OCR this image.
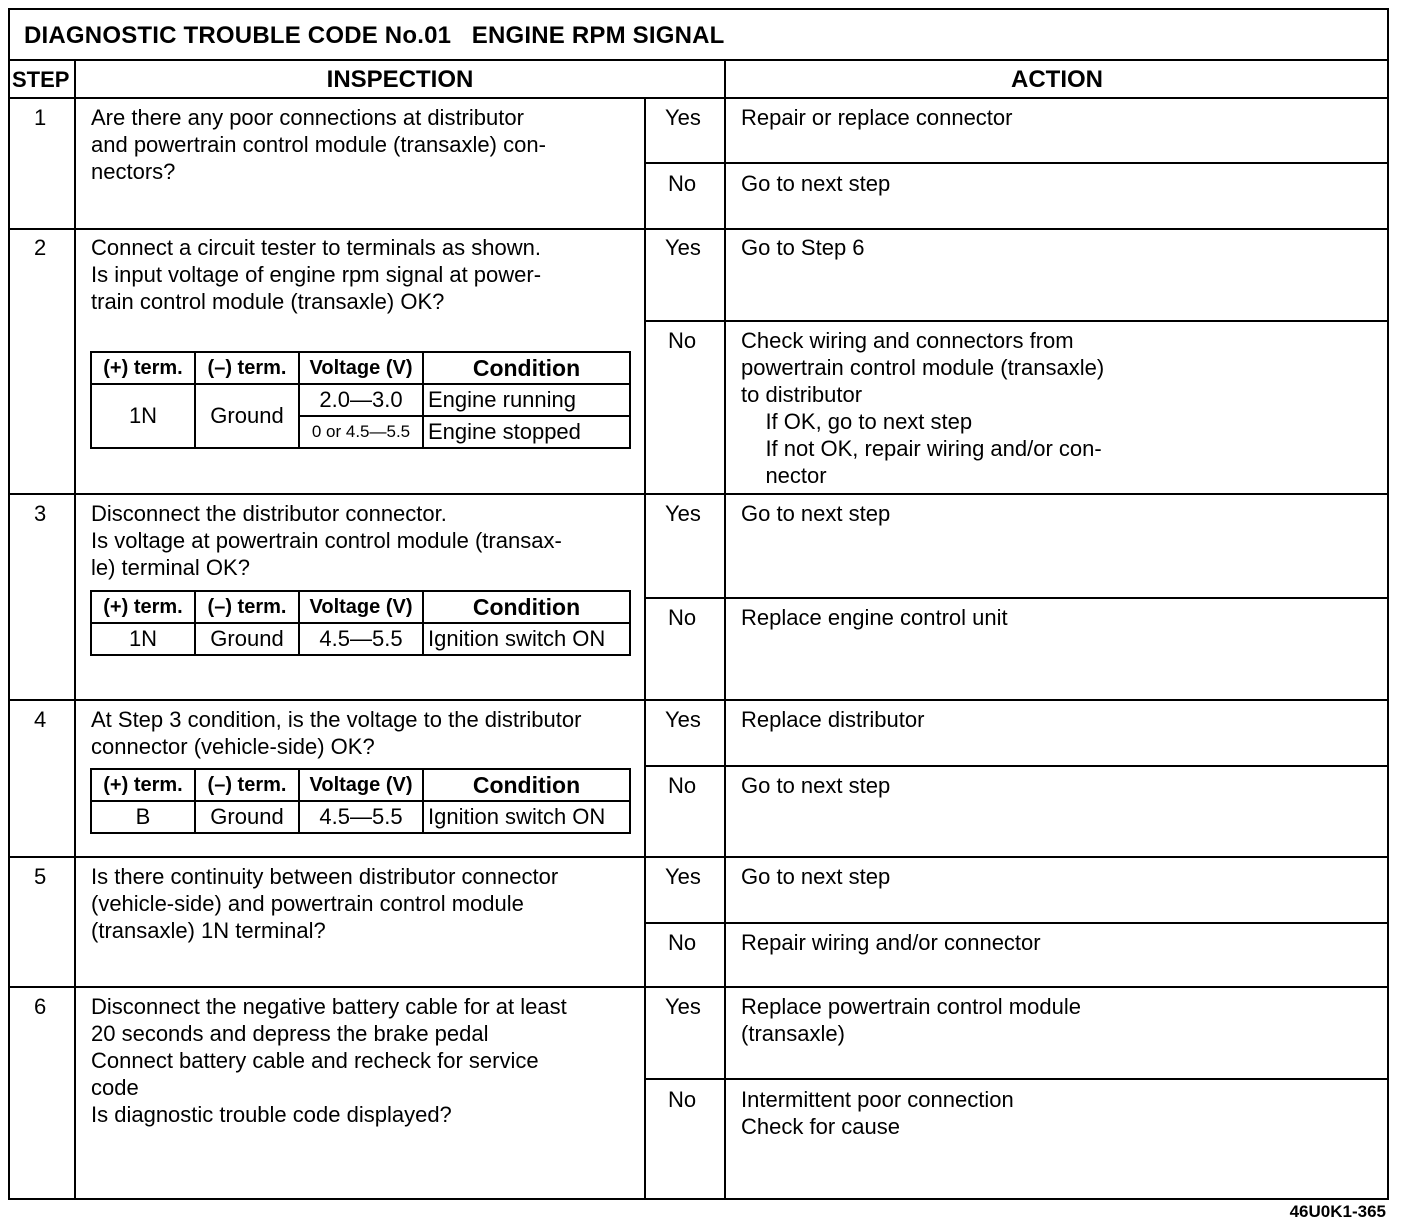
DIAGNOSTIC TROUBLE CODE No.01   ENGINE RPM SIGNAL
STEP	INSPECTION	ACTION
1 Are there any poor connections at distributor
and powertrain control module (transaxle) con-
nectors?
Yes Repair or replace connector
No Go to next step
2 Connect a circuit tester to terminals as shown.
Is input voltage of engine rpm signal at power-
train control module (transaxle) OK?
(+) term.	(–) term.	Voltage (V)	Condition
1N	Ground	2.0—3.0	Engine running
		0 or 4.5—5.5	Engine stopped
Yes Go to Step 6
No Check wiring and connectors from
powertrain control module (transaxle)
to distributor
If OK, go to next step
If not OK, repair wiring and/or con-
nector
3 Disconnect the distributor connector.
Is voltage at powertrain control module (transax-
le) terminal OK?
(+) term.	(–) term.	Voltage (V)	Condition
1N	Ground	4.5—5.5	Ignition switch ON
Yes Go to next step
No Replace engine control unit
4 At Step 3 condition, is the voltage to the distributor
connector (vehicle-side) OK?
(+) term.	(–) term.	Voltage (V)	Condition
B	Ground	4.5—5.5	Ignition switch ON
Yes Replace distributor
No Go to next step
5 Is there continuity between distributor connector
(vehicle-side) and powertrain control module
(transaxle) 1N terminal?
Yes Go to next step
No Repair wiring and/or connector
6 Disconnect the negative battery cable for at least
20 seconds and depress the brake pedal
Connect battery cable and recheck for service
code
Is diagnostic trouble code displayed?
Yes Replace powertrain control module
(transaxle)
No Intermittent poor connection
Check for cause
46U0K1-365
